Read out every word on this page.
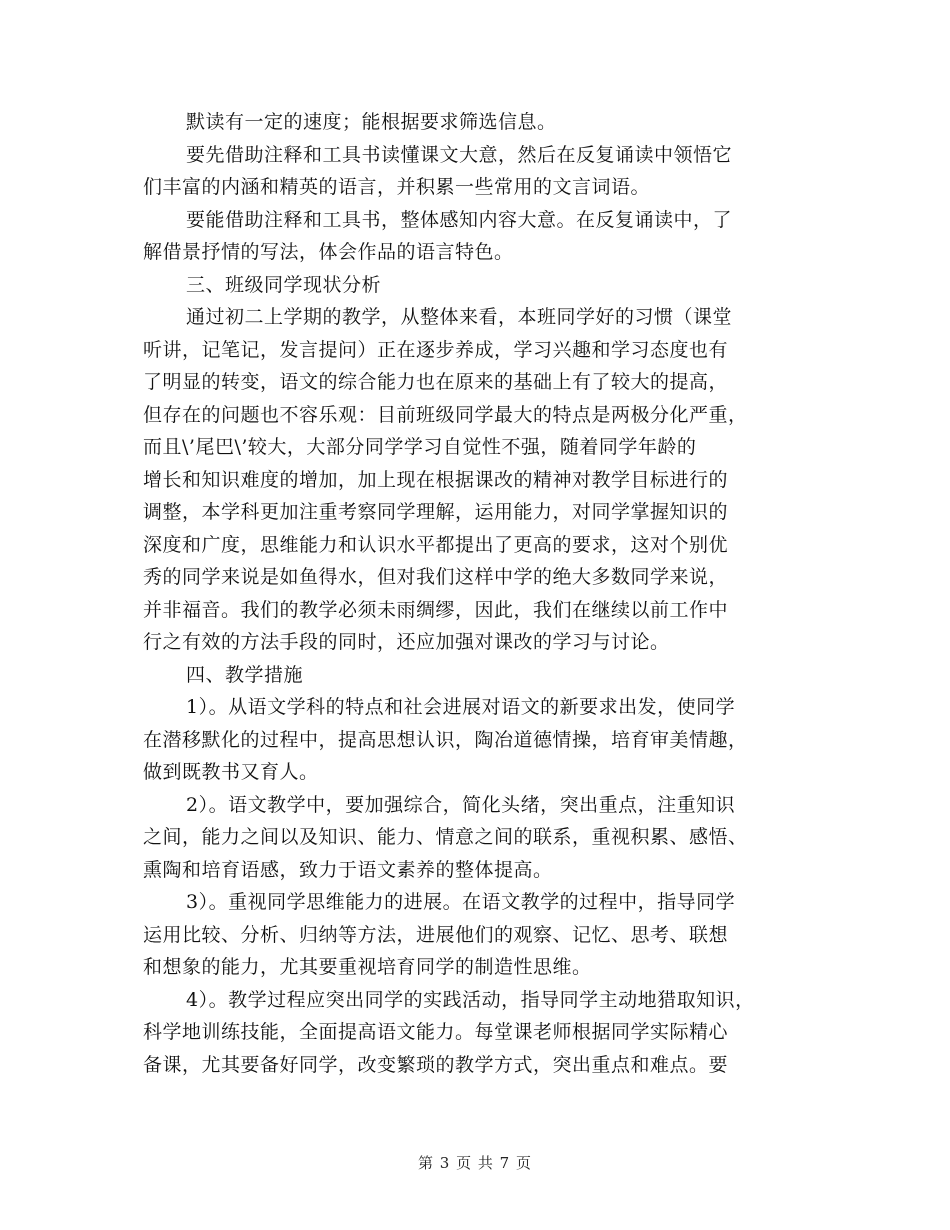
默读有一定的速度；能根据要求筛选信息。
要先借助注释和工具书读懂课文大意，然后在反复诵读中领悟它
们丰富的内涵和精英的语言，并积累一些常用的文言词语。
要能借助注释和工具书，整体感知内容大意。在反复诵读中，了
解借景抒情的写法，体会作品的语言特色。
三、班级同学现状分析
通过初二上学期的教学，从整体来看，本班同学好的习惯（课堂
听讲，记笔记，发言提问）正在逐步养成，学习兴趣和学习态度也有
了明显的转变，语文的综合能力也在原来的基础上有了较大的提高，
但存在的问题也不容乐观：目前班级同学最大的特点是两极分化严重，
而且\’尾巴\’较大，大部分同学学习自觉性不强，随着同学年龄的
增长和知识难度的增加，加上现在根据课改的精神对教学目标进行的
调整，本学科更加注重考察同学理解，运用能力，对同学掌握知识的
深度和广度，思维能力和认识水平都提出了更高的要求，这对个别优
秀的同学来说是如鱼得水，但对我们这样中学的绝大多数同学来说，
并非福音。我们的教学必须未雨绸缪，因此，我们在继续以前工作中
行之有效的方法手段的同时，还应加强对课改的学习与讨论。
四、教学措施
1）。从语文学科的特点和社会进展对语文的新要求出发，使同学
在潜移默化的过程中，提高思想认识，陶冶道德情操，培育审美情趣，
做到既教书又育人。
2）。语文教学中，要加强综合，简化头绪，突出重点，注重知识
之间，能力之间以及知识、能力、情意之间的联系，重视积累、感悟、
熏陶和培育语感，致力于语文素养的整体提高。
3）。重视同学思维能力的进展。在语文教学的过程中，指导同学
运用比较、分析、归纳等方法，进展他们的观察、记忆、思考、联想
和想象的能力，尤其要重视培育同学的制造性思维。
4）。教学过程应突出同学的实践活动，指导同学主动地猎取知识，
科学地训练技能，全面提高语文能力。每堂课老师根据同学实际精心
备课，尤其要备好同学，改变繁琐的教学方式，突出重点和难点。要
第 3 页 共 7 页
